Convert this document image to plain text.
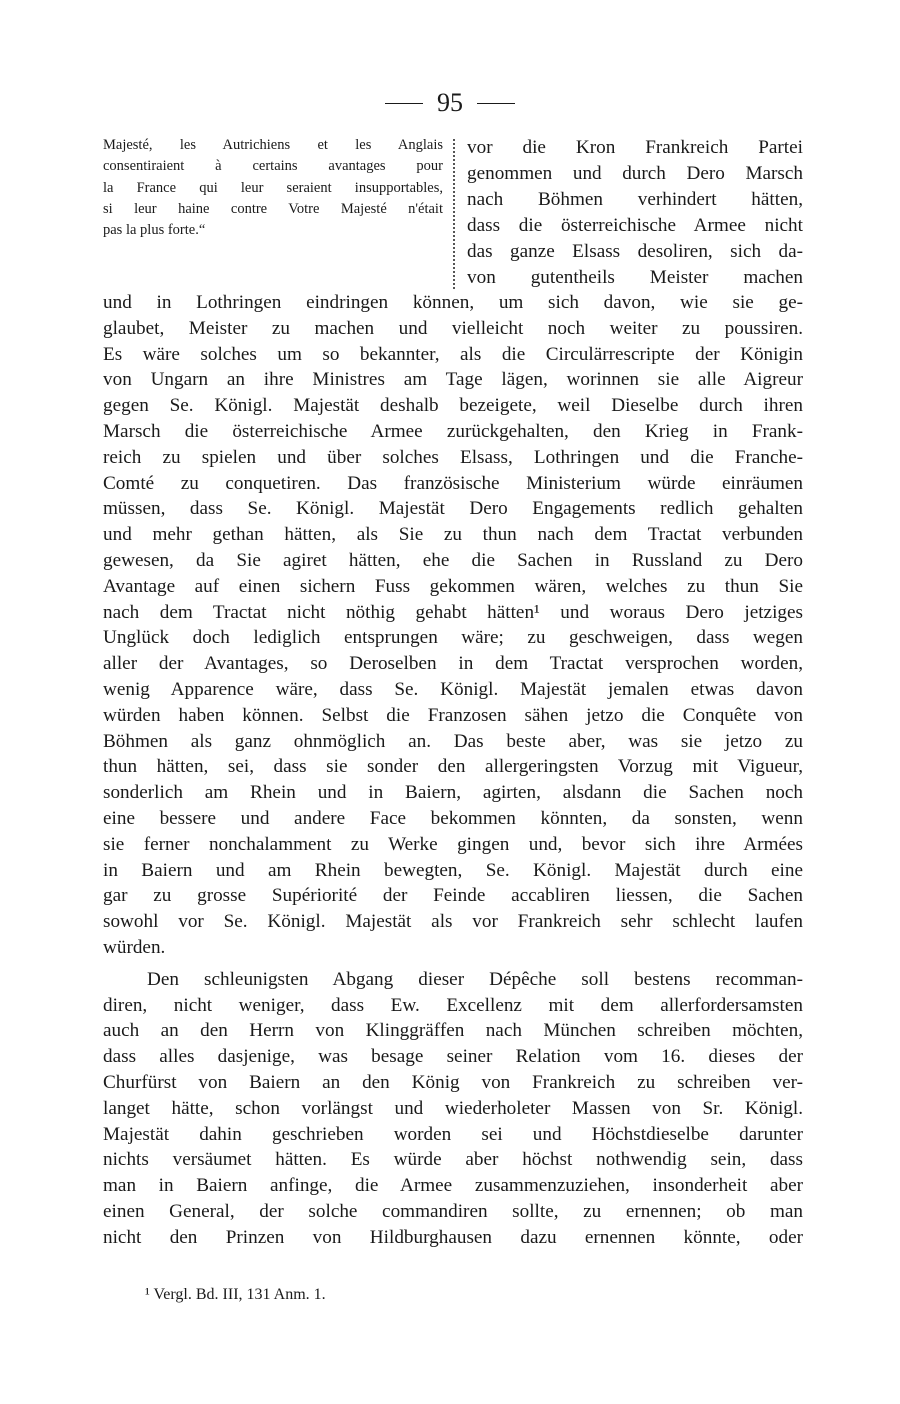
95
Majesté, les Autrichiens et les Anglais
consentiraient à certains avantages pour
la France qui leur seraient insupportables,
si leur haine contre Votre Majesté n'était
pas la plus forte.“
vor die Kron Frankreich Partei
genommen und durch Dero Marsch
nach Böhmen verhindert hätten,
dass die österreichische Armee nicht
das ganze Elsass desoliren, sich da-
von gutentheils Meister machen
und in Lothringen eindringen können, um sich davon, wie sie ge-
glaubet, Meister zu machen und vielleicht noch weiter zu poussiren.
Es wäre solches um so bekannter, als die Circulärrescripte der Königin
von Ungarn an ihre Ministres am Tage lägen, worinnen sie alle Aigreur
gegen Se. Königl. Majestät deshalb bezeigete, weil Dieselbe durch ihren
Marsch die österreichische Armee zurückgehalten, den Krieg in Frank-
reich zu spielen und über solches Elsass, Lothringen und die Franche-
Comté zu conquetiren. Das französische Ministerium würde einräumen
müssen, dass Se. Königl. Majestät Dero Engagements redlich gehalten
und mehr gethan hätten, als Sie zu thun nach dem Tractat verbunden
gewesen, da Sie agiret hätten, ehe die Sachen in Russland zu Dero
Avantage auf einen sichern Fuss gekommen wären, welches zu thun Sie
nach dem Tractat nicht nöthig gehabt hätten¹ und woraus Dero jetziges
Unglück doch lediglich entsprungen wäre; zu geschweigen, dass wegen
aller der Avantages, so Deroselben in dem Tractat versprochen worden,
wenig Apparence wäre, dass Se. Königl. Majestät jemalen etwas davon
würden haben können. Selbst die Franzosen sähen jetzo die Conquête von
Böhmen als ganz ohnmöglich an. Das beste aber, was sie jetzo zu
thun hätten, sei, dass sie sonder den allergeringsten Vorzug mit Vigueur,
sonderlich am Rhein und in Baiern, agirten, alsdann die Sachen noch
eine bessere und andere Face bekommen könnten, da sonsten, wenn
sie ferner nonchalamment zu Werke gingen und, bevor sich ihre Armées
in Baiern und am Rhein bewegten, Se. Königl. Majestät durch eine
gar zu grosse Supériorité der Feinde accabliren liessen, die Sachen
sowohl vor Se. Königl. Majestät als vor Frankreich sehr schlecht laufen
würden.
Den schleunigsten Abgang dieser Dépêche soll bestens recomman-
diren, nicht weniger, dass Ew. Excellenz mit dem allerfordersamsten
auch an den Herrn von Klinggräffen nach München schreiben möchten,
dass alles dasjenige, was besage seiner Relation vom 16. dieses der
Churfürst von Baiern an den König von Frankreich zu schreiben ver-
langet hätte, schon vorlängst und wiederholeter Massen von Sr. Königl.
Majestät dahin geschrieben worden sei und Höchstdieselbe darunter
nichts versäumet hätten. Es würde aber höchst nothwendig sein, dass
man in Baiern anfinge, die Armee zusammenzuziehen, insonderheit aber
einen General, der solche commandiren sollte, zu ernennen; ob man
nicht den Prinzen von Hildburghausen dazu ernennen könnte, oder
¹ Vergl. Bd. III, 131 Anm. 1.
